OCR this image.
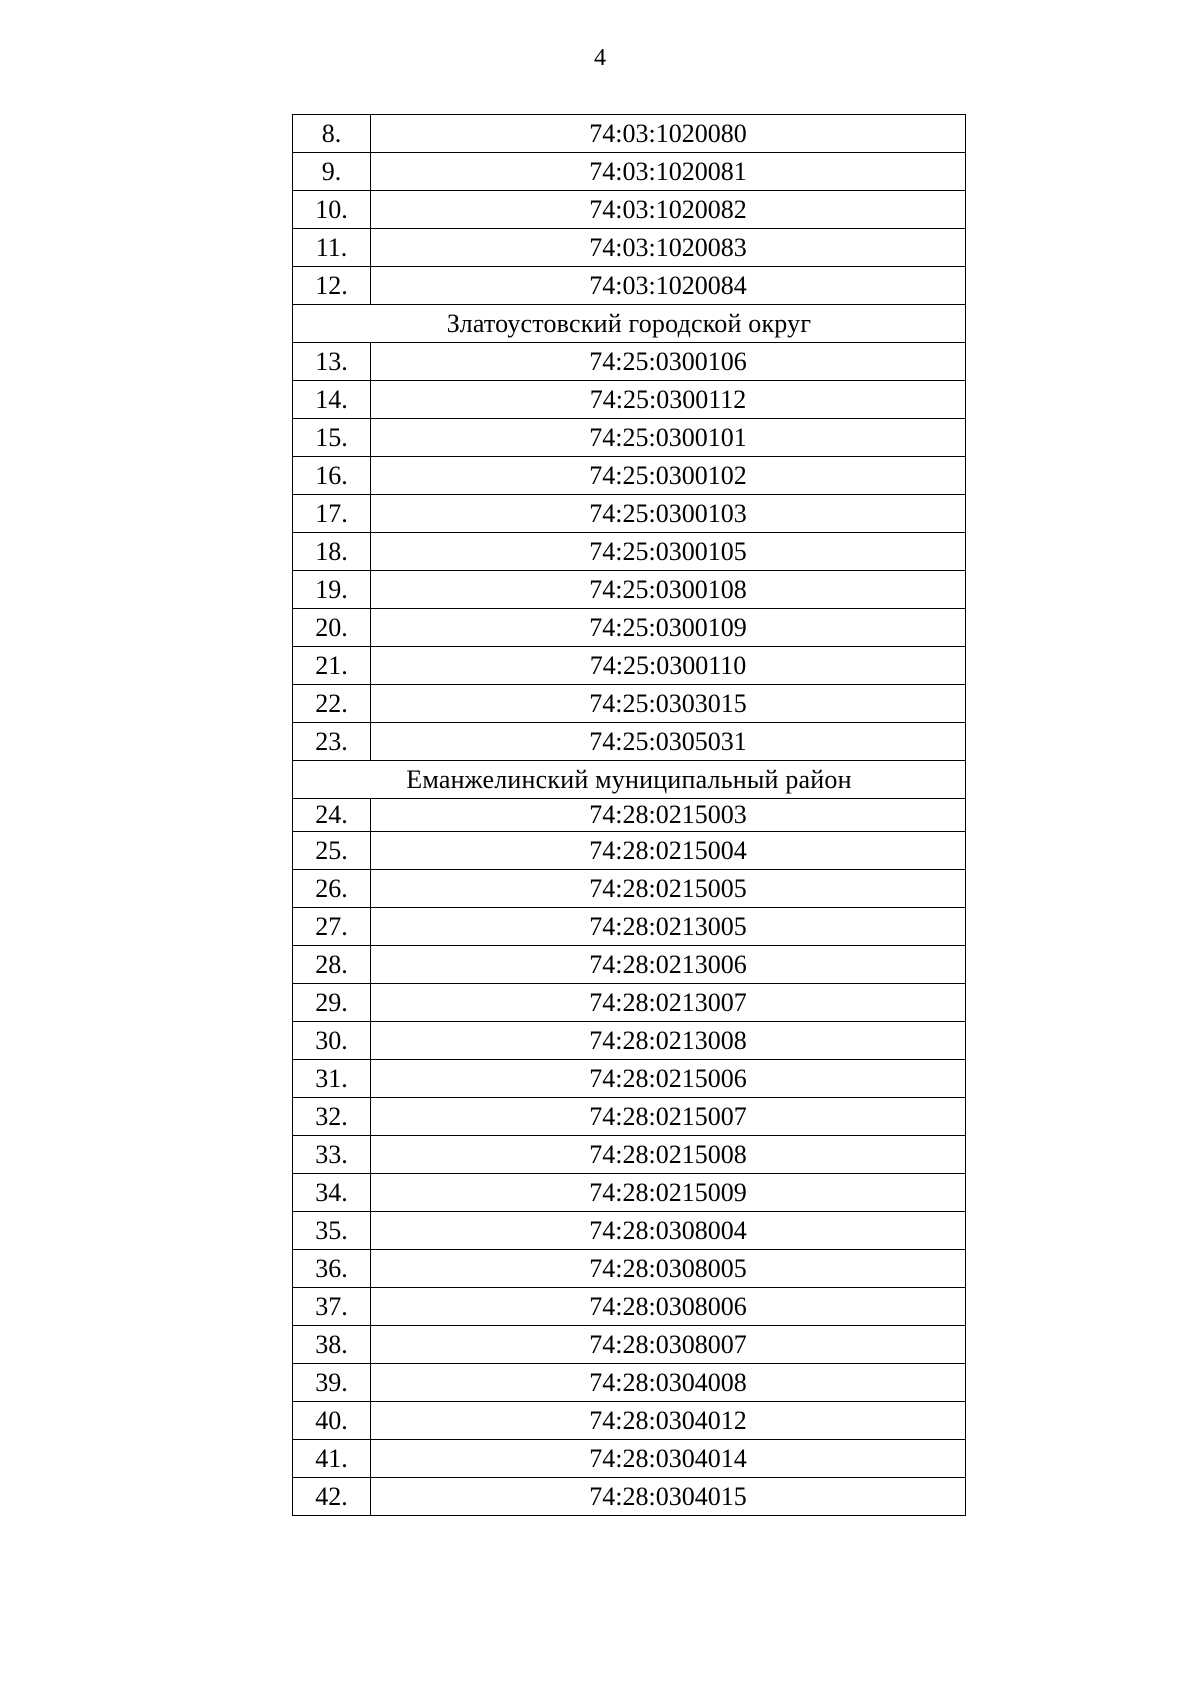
4
8.	74:03:1020080
9.	74:03:1020081
10.	74:03:1020082
11.	74:03:1020083
12.	74:03:1020084
Златоустовский городской округ	
13.	74:25:0300106
14.	74:25:0300112
15.	74:25:0300101
16.	74:25:0300102
17.	74:25:0300103
18.	74:25:0300105
19.	74:25:0300108
20.	74:25:0300109
21.	74:25:0300110
22.	74:25:0303015
23.	74:25:0305031
Еманжелинский муниципальный район	
24.	74:28:0215003
25.	74:28:0215004
26.	74:28:0215005
27.	74:28:0213005
28.	74:28:0213006
29.	74:28:0213007
30.	74:28:0213008
31.	74:28:0215006
32.	74:28:0215007
33.	74:28:0215008
34.	74:28:0215009
35.	74:28:0308004
36.	74:28:0308005
37.	74:28:0308006
38.	74:28:0308007
39.	74:28:0304008
40.	74:28:0304012
41.	74:28:0304014
42.	74:28:0304015
